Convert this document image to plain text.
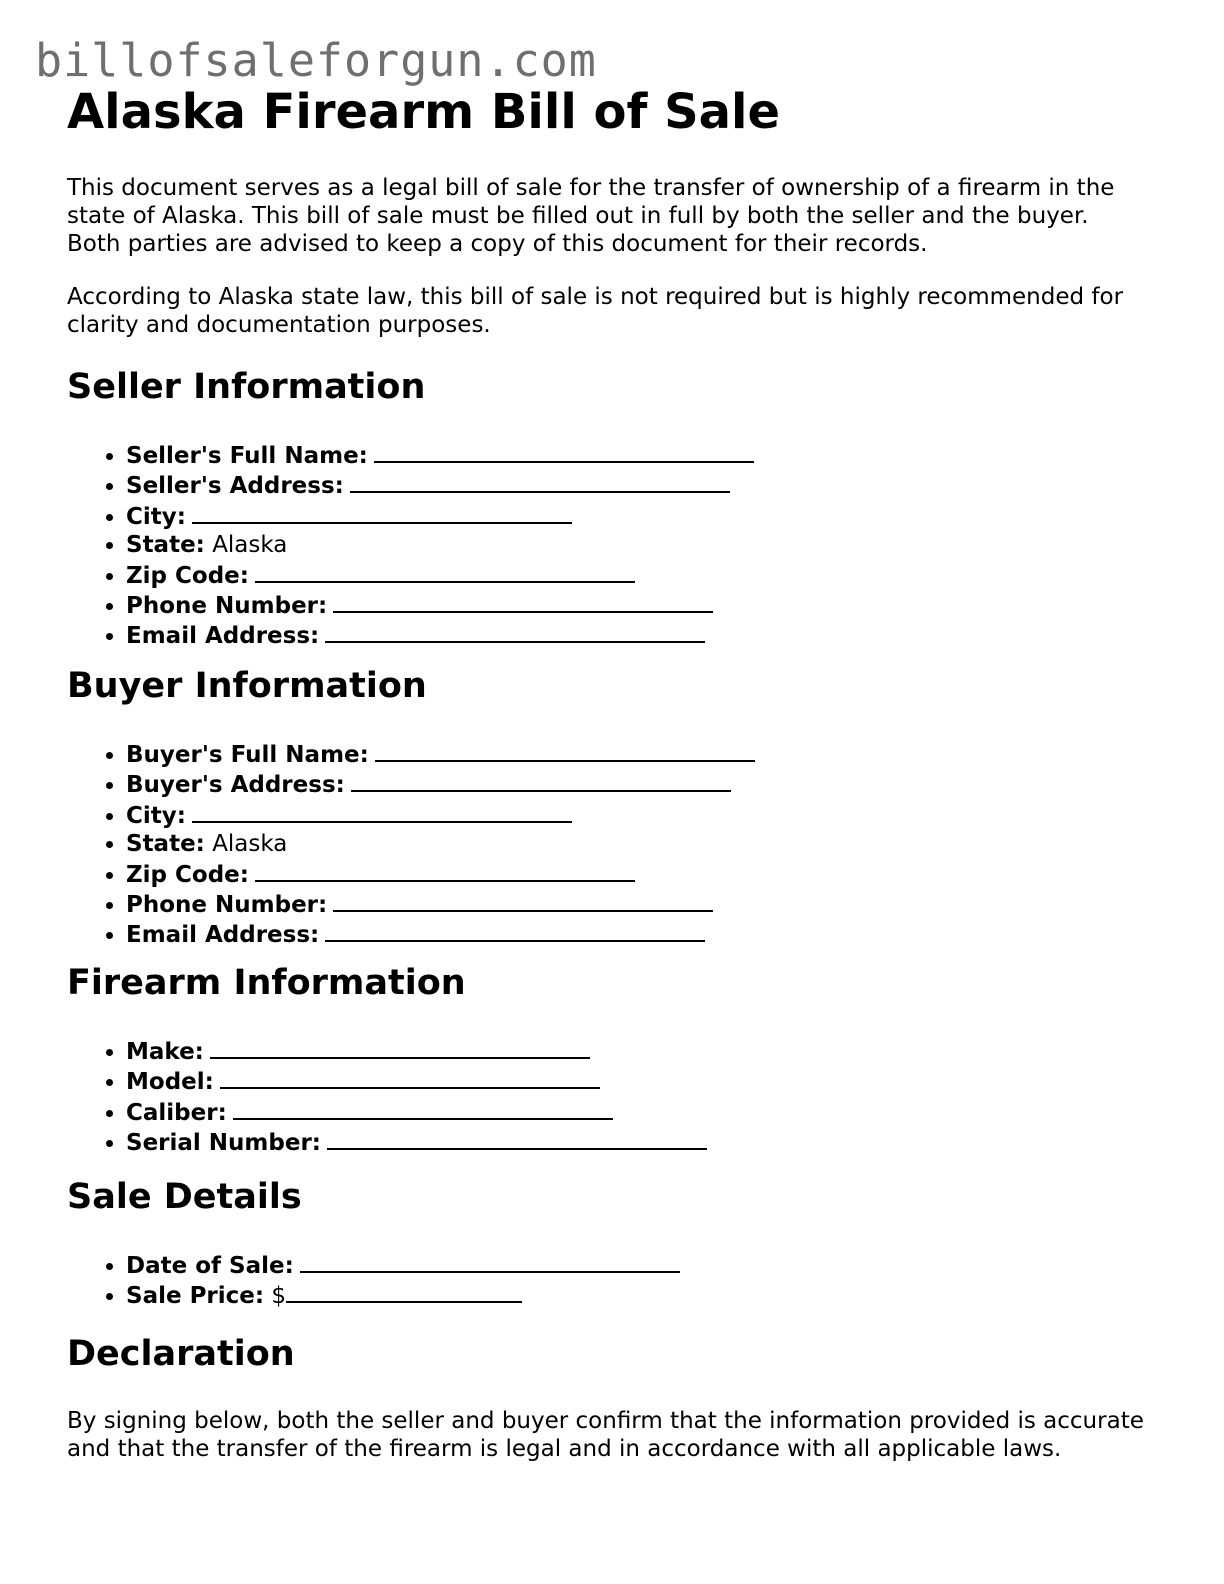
billofsaleforgun.com
Alaska Firearm Bill of Sale

This document serves as a legal bill of sale for the transfer of ownership of a firearm in the state of Alaska. This bill of sale must be filled out in full by both the seller and the buyer. Both parties are advised to keep a copy of this document for their records.

According to Alaska state law, this bill of sale is not required but is highly recommended for clarity and documentation purposes.

Seller Information
• Seller's Full Name:
• Seller's Address:
• City:
• State: Alaska
• Zip Code:
• Phone Number:
• Email Address:
Buyer Information
• Buyer's Full Name:
• Buyer's Address:
• City:
• State: Alaska
• Zip Code:
• Phone Number:
• Email Address:
Firearm Information
• Make:
• Model:
• Caliber:
• Serial Number:
Sale Details
• Date of Sale:
• Sale Price: $
Declaration

By signing below, both the seller and buyer confirm that the information provided is accurate and that the transfer of the firearm is legal and in accordance with all applicable laws.
